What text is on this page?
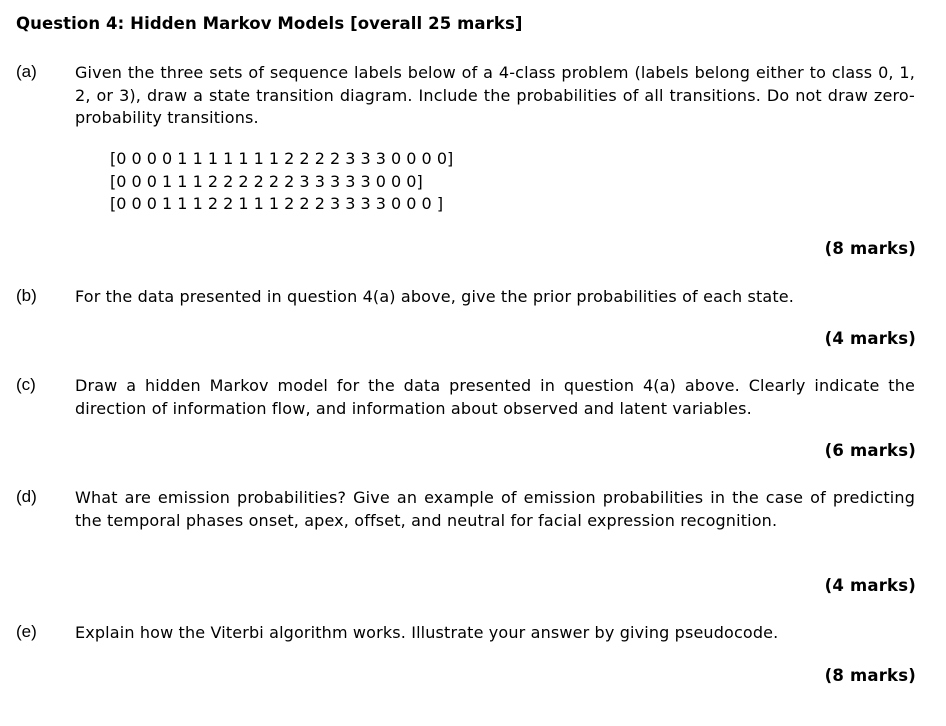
Question 4: Hidden Markov Models [overall 25 marks]
(a) Given the three sets of sequence labels below of a 4-class problem (labels belong either to class 0, 1, 2, or 3), draw a state transition diagram. Include the probabilities of all transitions. Do not draw zero-probability transitions.
[0 0 0 0 1 1 1 1 1 1 1 2 2 2 2 3 3 3 0 0 0 0]
[0 0 0 1 1 1 2 2 2 2 2 2 3 3 3 3 3 0 0 0]
[0 0 0 1 1 1 2 2 1 1 1 2 2 2 3 3 3 3 0 0 0 ]
(8 marks)
(b) For the data presented in question 4(a) above, give the prior probabilities of each state.
(4 marks)
(c) Draw a hidden Markov model for the data presented in question 4(a) above. Clearly indicate the direction of information flow, and information about observed and latent variables.
(6 marks)
(d) What are emission probabilities? Give an example of emission probabilities in the case of predicting the temporal phases onset, apex, offset, and neutral for facial expression recognition.
(4 marks)
(e) Explain how the Viterbi algorithm works. Illustrate your answer by giving pseudocode.
(8 marks)
